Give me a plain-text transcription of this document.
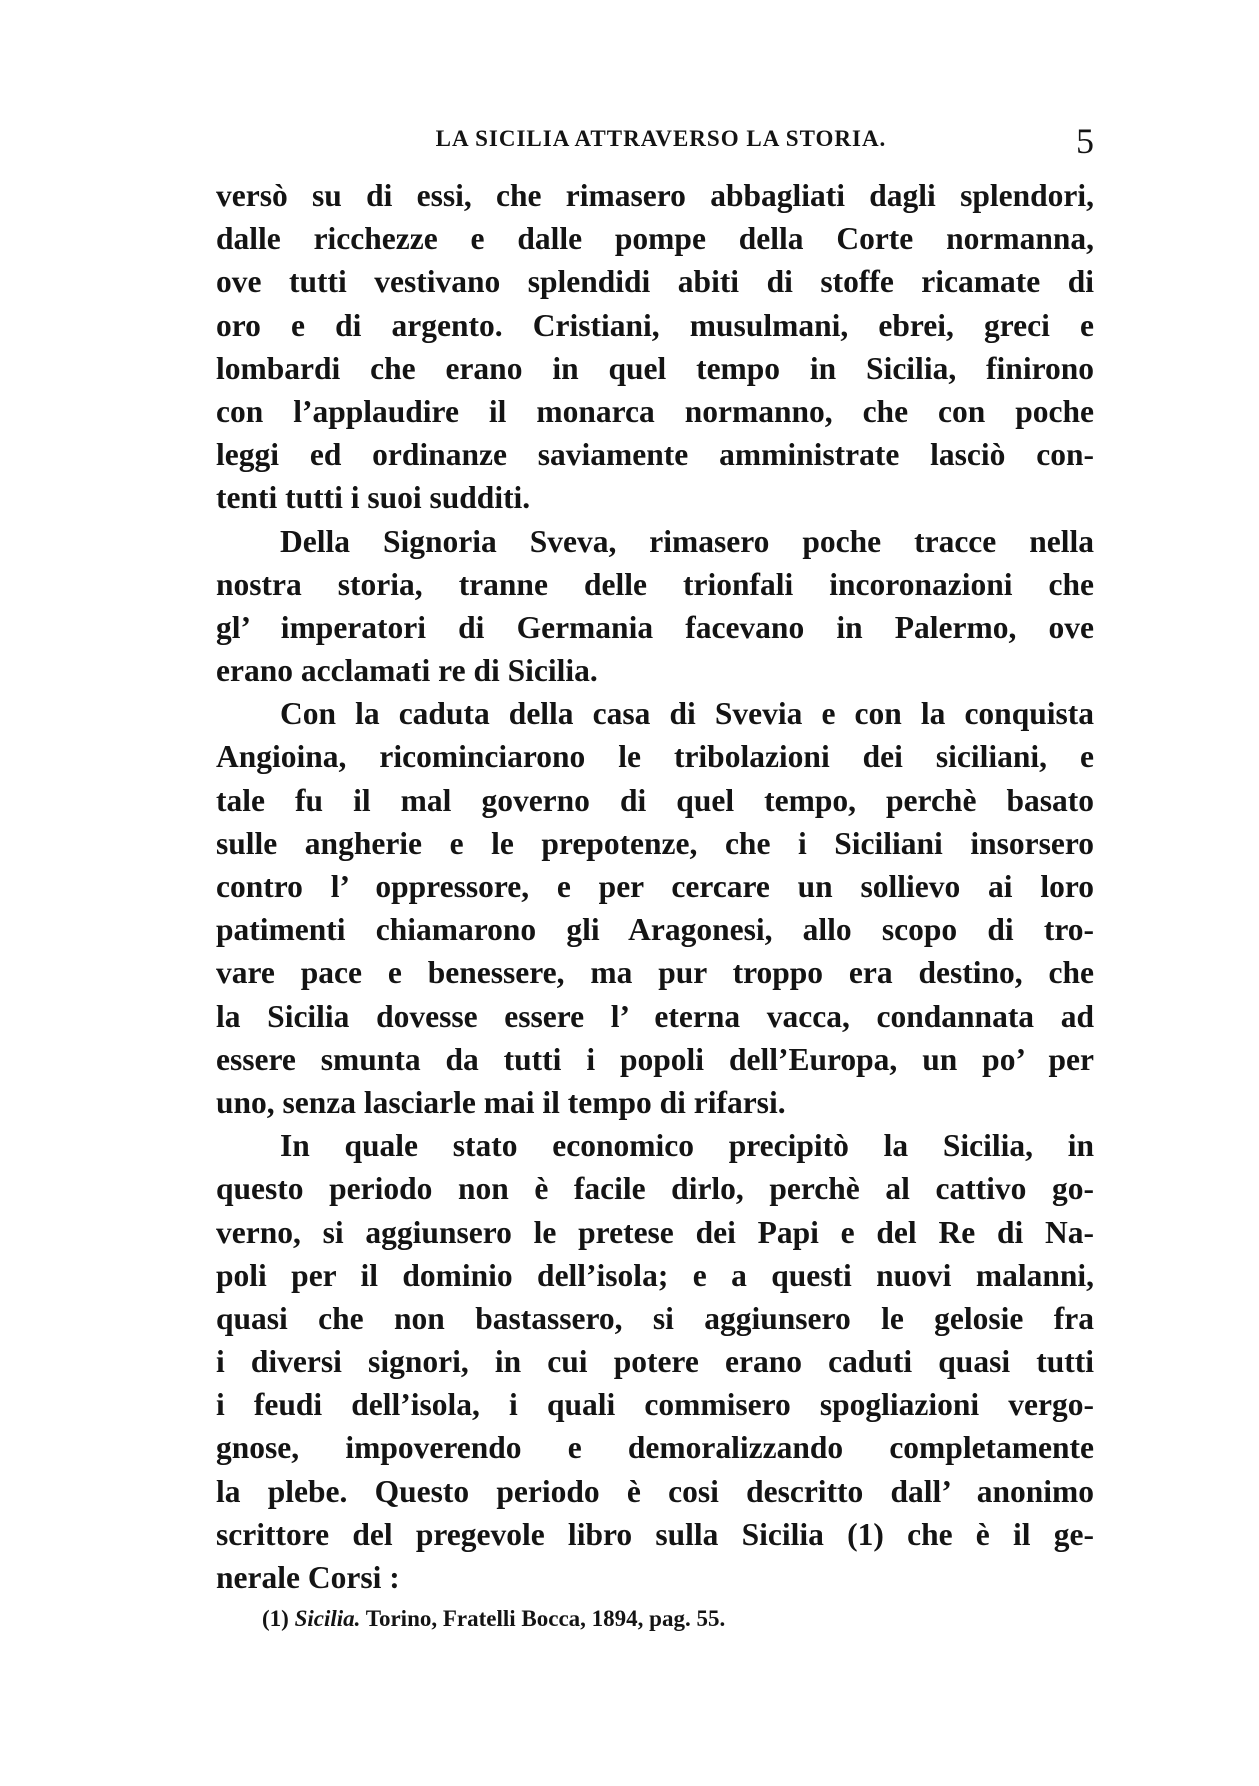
LA SICILIA ATTRAVERSO LA STORIA.	5
versò su di essi, che rimasero abbagliati dagli splendori,
dalle ricchezze e dalle pompe della Corte normanna,
ove tutti vestivano splendidi abiti di stoffe ricamate di
oro e di argento. Cristiani, musulmani, ebrei, greci e
lombardi che erano in quel tempo in Sicilia, finirono
con l’applaudire il monarca normanno, che con poche
leggi ed ordinanze saviamente amministrate lasciò con-
tenti tutti i suoi sudditi.
Della Signoria Sveva, rimasero poche tracce nella
nostra storia, tranne delle trionfali incoronazioni che
gl’ imperatori di Germania facevano in Palermo, ove
erano acclamati re di Sicilia.
Con la caduta della casa di Svevia e con la conquista
Angioina, ricominciarono le tribolazioni dei siciliani, e
tale fu il mal governo di quel tempo, perchè basato
sulle angherie e le prepotenze, che i Siciliani insorsero
contro l’ oppressore, e per cercare un sollievo ai loro
patimenti chiamarono gli Aragonesi, allo scopo di tro-
vare pace e benessere, ma pur troppo era destino, che
la Sicilia dovesse essere l’ eterna vacca, condannata ad
essere smunta da tutti i popoli dell’Europa, un po’ per
uno, senza lasciarle mai il tempo di rifarsi.
In quale stato economico precipitò la Sicilia, in
questo periodo non è facile dirlo, perchè al cattivo go-
verno, si aggiunsero le pretese dei Papi e del Re di Na-
poli per il dominio dell’isola; e a questi nuovi malanni,
quasi che non bastassero, si aggiunsero le gelosie fra
i diversi signori, in cui potere erano caduti quasi tutti
i feudi dell’isola, i quali commisero spogliazioni vergo-
gnose, impoverendo e demoralizzando completamente
la plebe. Questo periodo è cosi descritto dall’ anonimo
scrittore del pregevole libro sulla Sicilia (1) che è il ge-
nerale Corsi :
(1) Sicilia. Torino, Fratelli Bocca, 1894, pag. 55.
